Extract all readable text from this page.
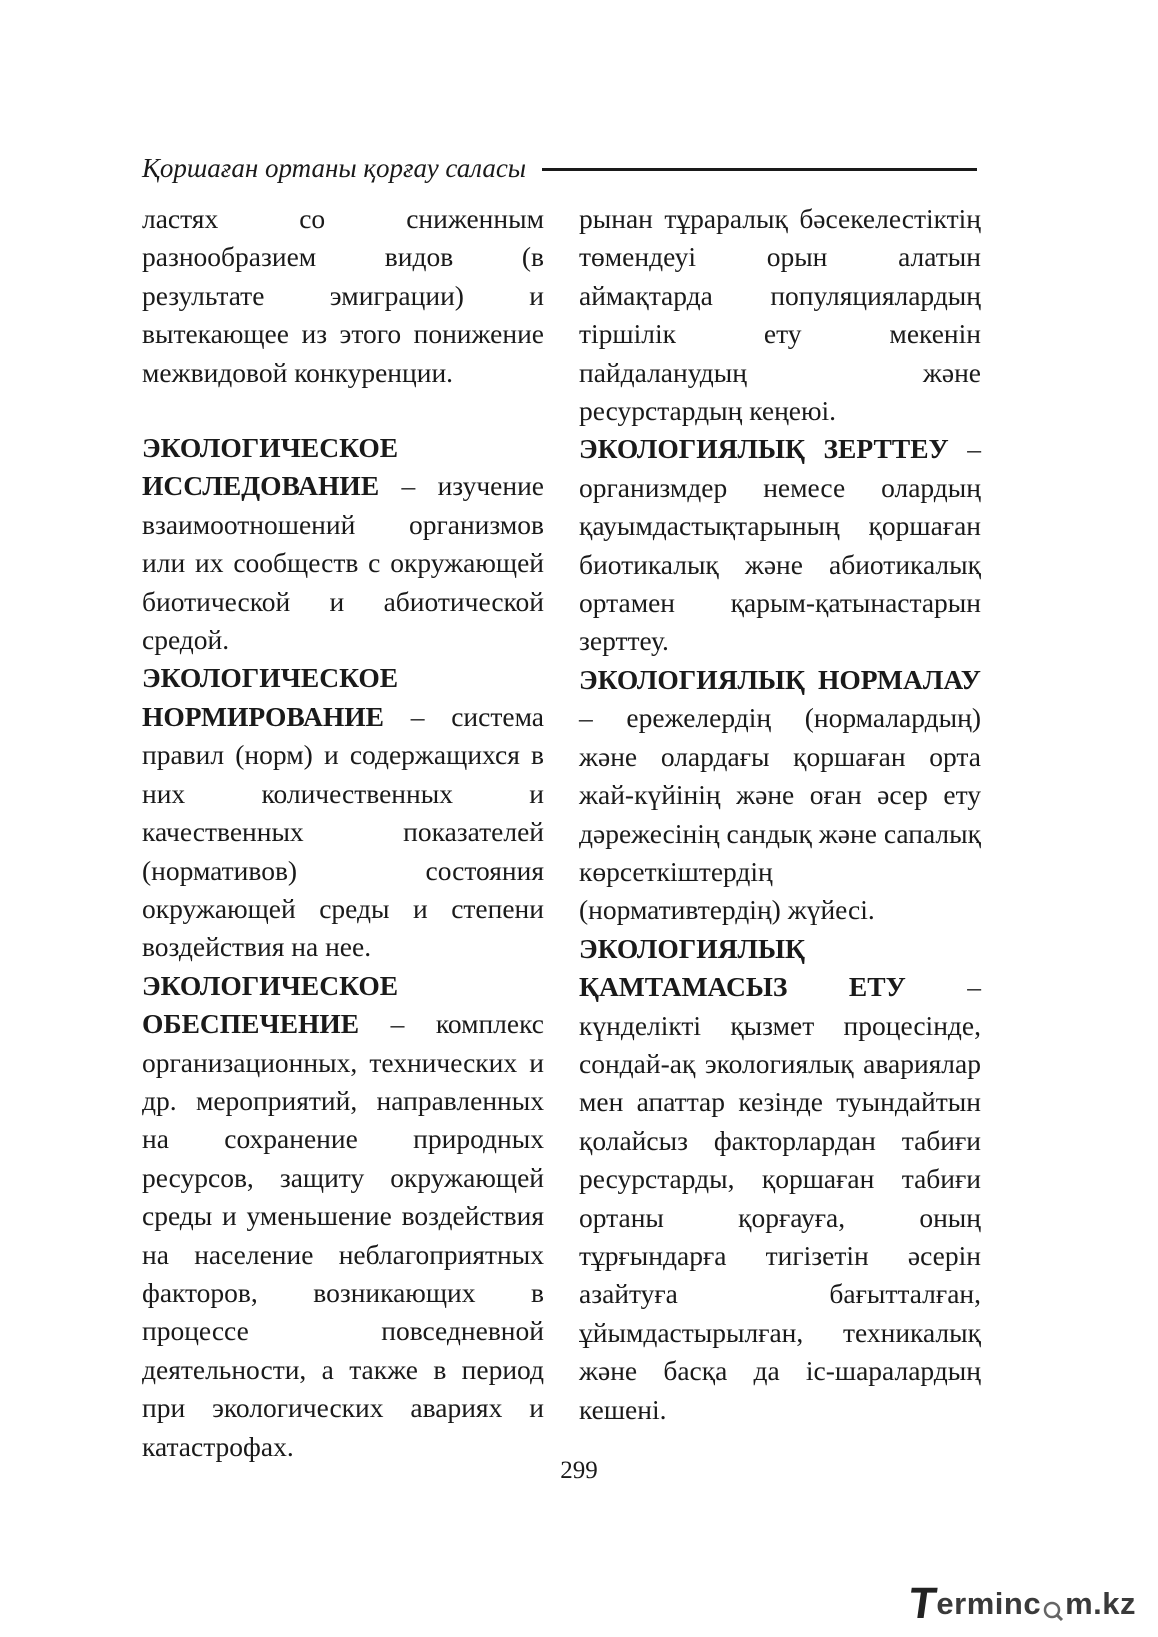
Қоршаған ортаны қорғау саласы

ластях со сниженным разнообразием видов (в результате эмиграции) и вытекающее из этого понижение межвидовой конкуренции.

ЭКОЛОГИЧЕСКОЕ ИССЛЕДОВАНИЕ – изучение взаимоотношений организмов или их сообществ с окружающей биотической и абиотической средой.

ЭКОЛОГИЧЕСКОЕ НОРМИРОВАНИЕ – система правил (норм) и содержащихся в них количественных и качественных показателей (нормативов) состояния окружающей среды и степени воздействия на нее.

ЭКОЛОГИЧЕСКОЕ ОБЕСПЕЧЕНИЕ – комплекс организационных, технических и др. мероприятий, направленных на сохранение природных ресурсов, защиту окружающей среды и уменьшение воздействия на население неблагоприятных факторов, возникающих в процессе повседневной деятельности, а также в период при экологических авариях и катастрофах.

рынан тұраралық бәсекелестіктің төмендеуі орын алатын аймақтарда популяциялардың тіршілік ету мекенін пайдаланудың және ресурстардың кеңеюі.

ЭКОЛОГИЯЛЫҚ ЗЕРТТЕУ – организмдер немесе олардың қауымдастықтарының қоршаған биотикалық және абиотикалық ортамен қарым-қатынастарын зерттеу.

ЭКОЛОГИЯЛЫҚ НОРМАЛАУ – ережелердің (нормалардың) және олардағы қоршаған орта жай-күйінің және оған әсер ету дәрежесінің сандық және сапалық көрсеткіштердің (нормативтердің) жүйесі.

ЭКОЛОГИЯЛЫҚ ҚАМТАМАСЫЗ ЕТУ – күнделікті қызмет процесінде, сондай-ақ экологиялық авариялар мен апаттар кезінде туындайтын қолайсыз факторлардан табиғи ресурстарды, қоршаған табиғи ортаны қорғауға, оның тұрғындарға тигізетін әсерін азайтуға бағытталған, ұйымдастырылған, техникалық және басқа да іс-шаралардың кешені.

299
T
erminc m.kz
